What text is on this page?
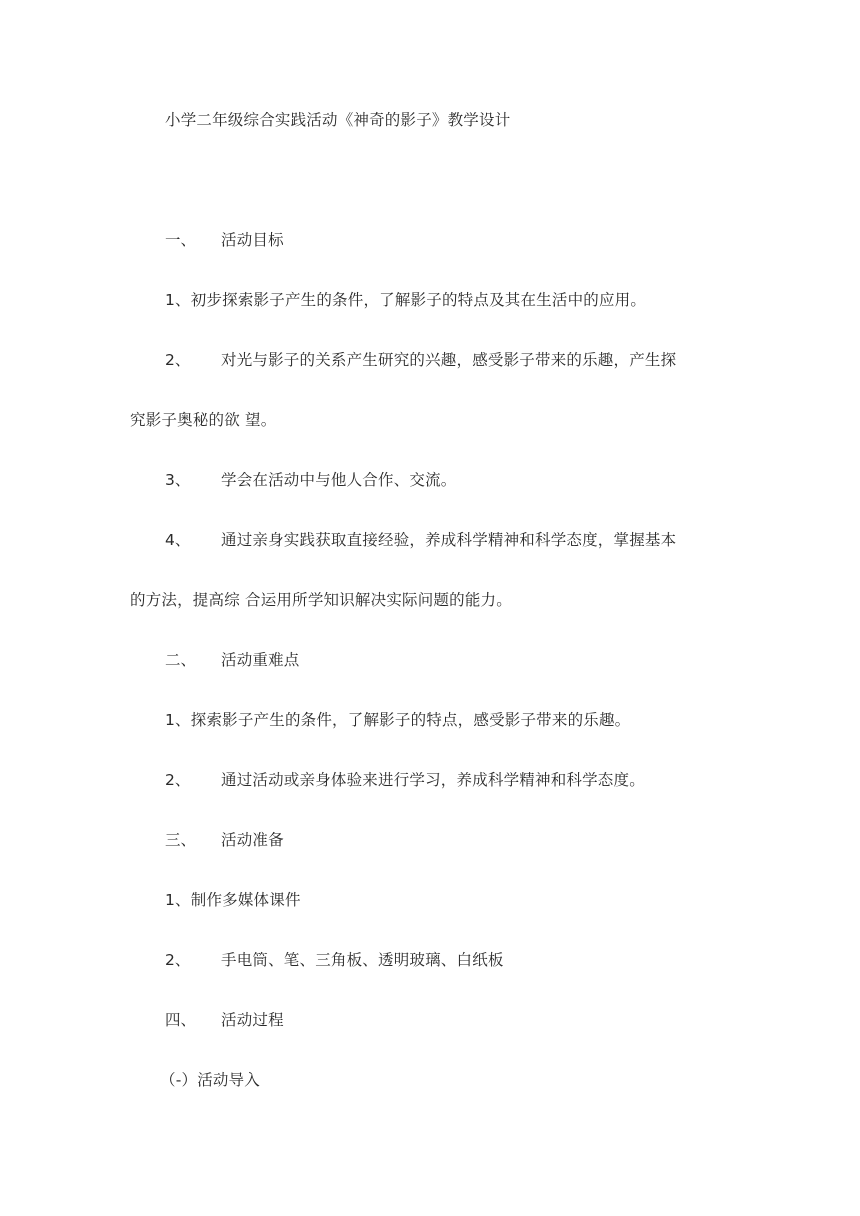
小学二年级综合实践活动《神奇的影子》教学设计
一、 活动目标
1、初步探索影子产生的条件，了解影子的特点及其在生活中的应用。
2、 对光与影子的关系产生研究的兴趣，感受影子带来的乐趣，产生探
究影子奥秘的欲 望。
3、 学会在活动中与他人合作、交流。
4、 通过亲身实践获取直接经验，养成科学精神和科学态度，掌握基本
的方法，提高综 合运用所学知识解决实际问题的能力。
二、 活动重难点
1、探索影子产生的条件，了解影子的特点，感受影子带来的乐趣。
2、 通过活动或亲身体验来进行学习，养成科学精神和科学态度。
三、 活动准备
1、制作多媒体课件
2、 手电筒、笔、三角板、透明玻璃、白纸板
四、 活动过程
（-）活动导入
